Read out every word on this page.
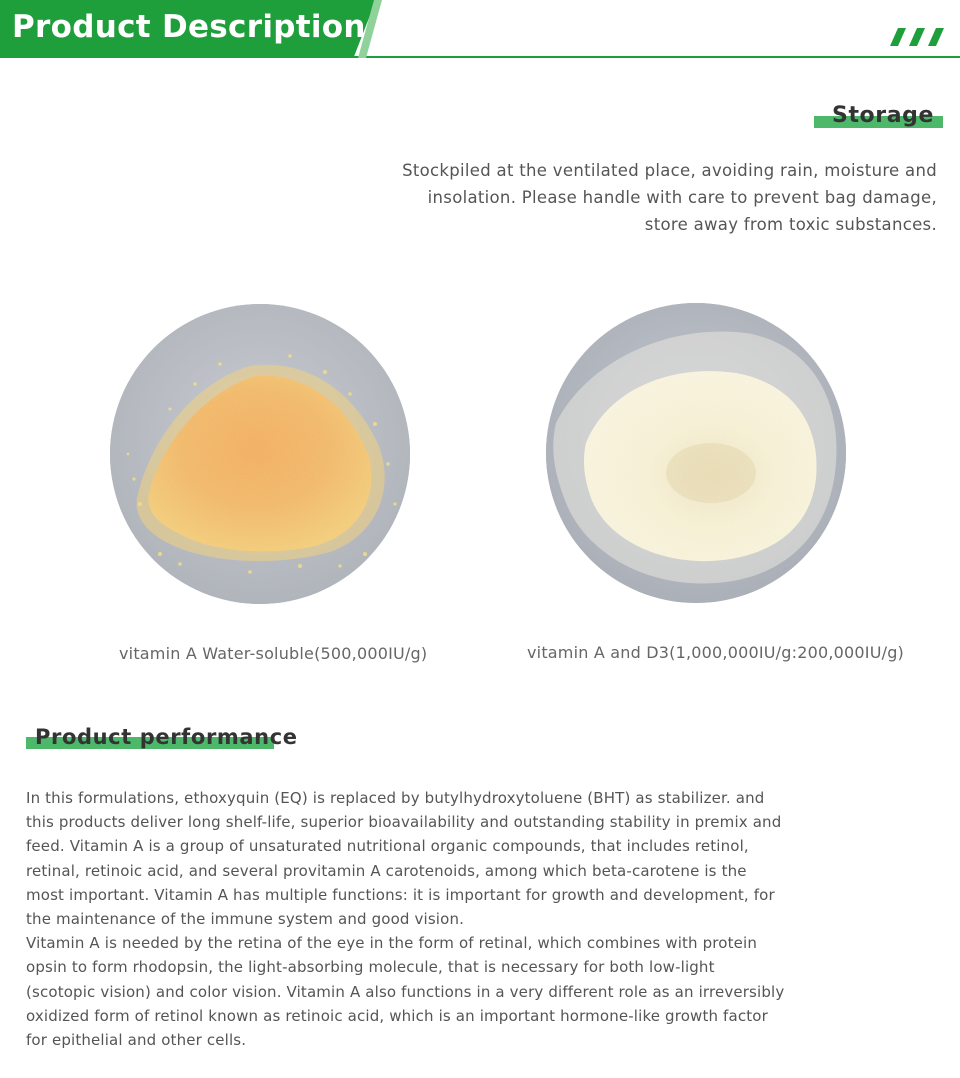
Product Description
Storage
Stockpiled at the ventilated place, avoiding rain, moisture and insolation. Please handle with care to prevent bag damage, store away from toxic substances.
vitamin A Water-soluble(500,000IU/g)	vitamin A and D3(1,000,000IU/g:200,000IU/g)
Product performance

In this formulations, ethoxyquin (EQ) is replaced by butylhydroxytoluene (BHT) as stabilizer. and this products deliver long shelf-life, superior bioavailability and outstanding stability in premix and feed. Vitamin A is a group of unsaturated nutritional organic compounds, that includes retinol, retinal, retinoic acid, and several provitamin A carotenoids, among which beta-carotene is the most important. Vitamin A has multiple functions: it is important for growth and development, for the maintenance of the immune system and good vision.

Vitamin A is needed by the retina of the eye in the form of retinal, which combines with protein opsin to form rhodopsin, the light-absorbing molecule, that is necessary for both low-light (scotopic vision) and color vision. Vitamin A also functions in a very different role as an irreversibly oxidized form of retinol known as retinoic acid, which is an important hormone-like growth factor for epithelial and other cells.
